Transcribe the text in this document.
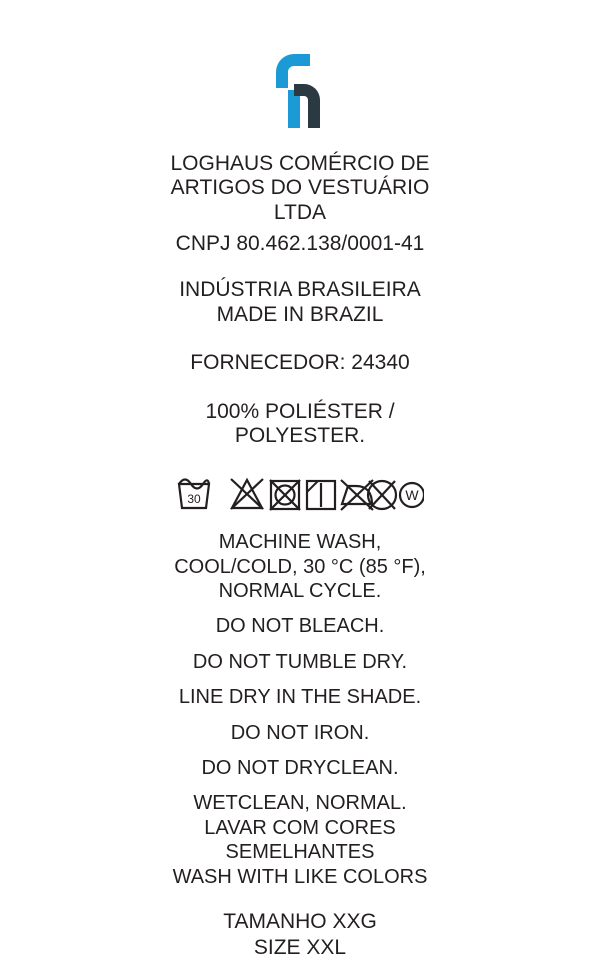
LOGHAUS COMÉRCIO DE
ARTIGOS DO VESTUÁRIO
LTDA
CNPJ 80.462.138/0001-41
INDÚSTRIA BRASILEIRA
MADE IN BRAZIL
FORNECEDOR: 24340
100% POLIÉSTER /
POLYESTER.
30	W

MACHINE WASH,

COOL/COLD, 30 °C (85 °F),

NORMAL CYCLE.

DO NOT BLEACH.

DO NOT TUMBLE DRY.

LINE DRY IN THE SHADE.

DO NOT IRON.

DO NOT DRYCLEAN.

WETCLEAN, NORMAL.

LAVAR COM CORES

SEMELHANTES

WASH WITH LIKE COLORS

TAMANHO XXG

SIZE XXL
